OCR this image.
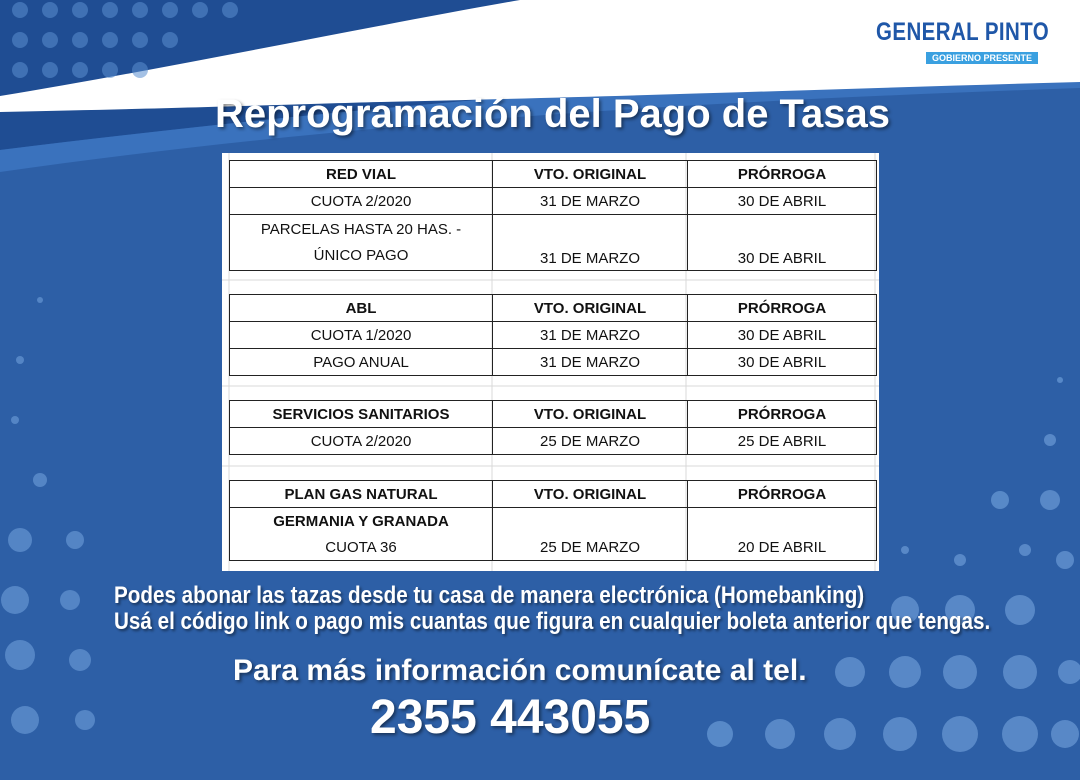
GENERAL PINTO
GOBIERNO PRESENTE
Reprogramación del Pago de Tasas
RED VIAL	VTO. ORIGINAL	PRÓRROGA
CUOTA 2/2020	31 DE MARZO	30 DE ABRIL

PARCELAS HASTA 20 HAS. -
ÚNICO PAGO	31 DE MARZO	30 DE ABRIL
ABL	VTO. ORIGINAL	PRÓRROGA
CUOTA 1/2020	31 DE MARZO	30 DE ABRIL
PAGO ANUAL	31 DE MARZO	30 DE ABRIL
SERVICIOS SANITARIOS	VTO. ORIGINAL	PRÓRROGA
CUOTA 2/2020	25 DE MARZO	25 DE ABRIL
PLAN GAS NATURAL	VTO. ORIGINAL	PRÓRROGA
GERMANIA Y GRANADA		
CUOTA 36	25 DE MARZO	20 DE ABRIL
Podes abonar las tazas desde tu casa de manera electrónica (Homebanking)
Usá el código link o pago mis cuantas que figura en cualquier boleta anterior que tengas.
Para más información comunícate al tel.
2355 443055
